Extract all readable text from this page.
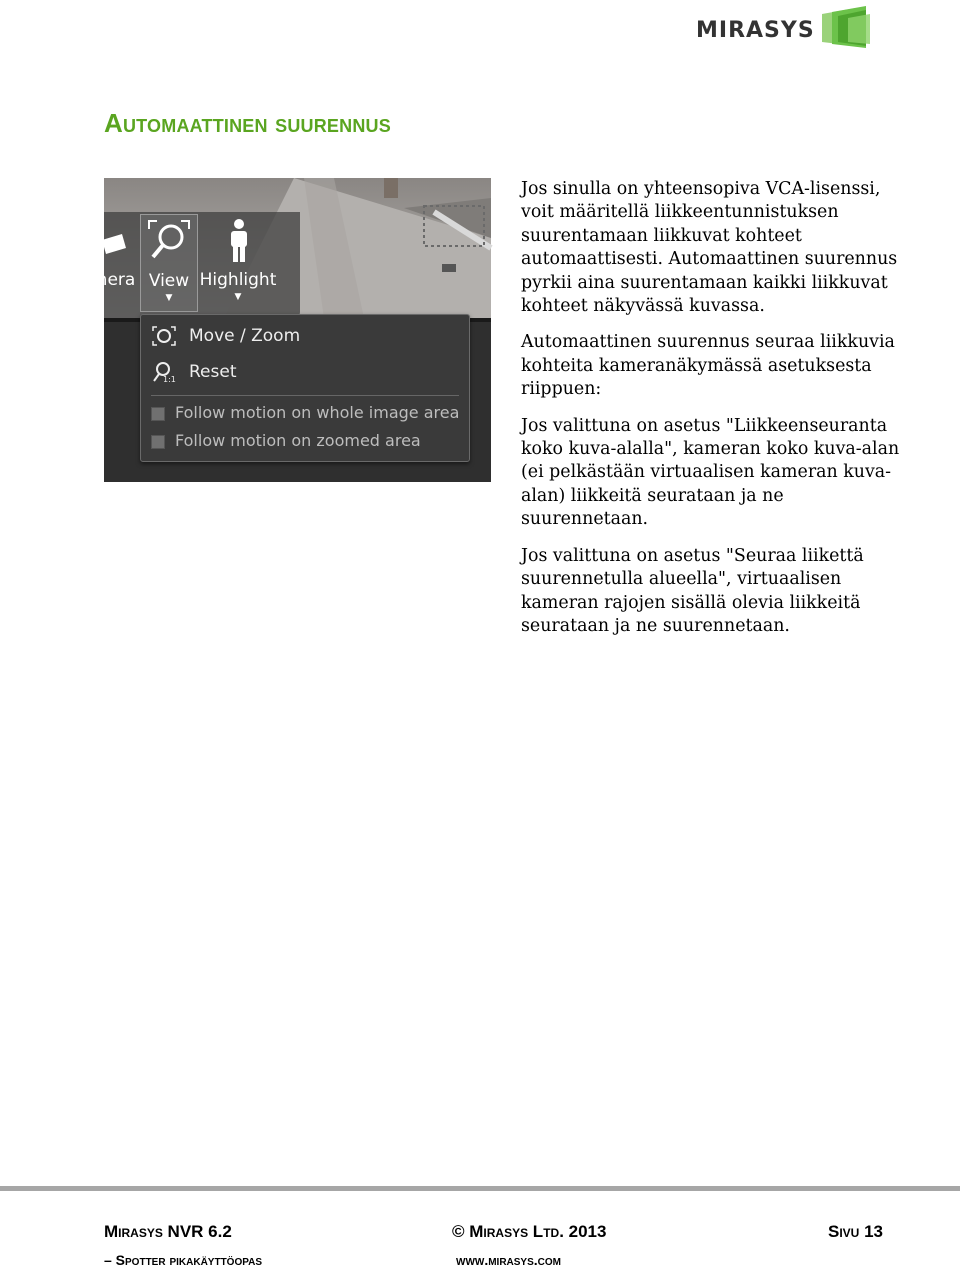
MIRASYS
Automaattinen suurennus
nera View
▼
Highlight
▼
Move / Zoom
1:1 Reset
Follow motion on whole image area
Follow motion on zoomed area

Jos sinulla on yhteensopiva VCA-lisenssi, voit määritellä liikkeentunnistuksen suurentamaan liikkuvat kohteet automaattisesti. Automaattinen suurennus pyrkii aina suurentamaan kaikki liikkuvat kohteet näkyvässä kuvassa.

Automaattinen suurennus seuraa liikkuvia kohteita kameranäkymässä asetuksesta riippuen:

Jos valittuna on asetus "Liikkeenseuranta koko kuva-alalla", kameran koko kuva-alan (ei pelkästään virtuaalisen kameran kuva-alan) liikkeitä seurataan ja ne suurennetaan.

Jos valittuna on asetus "Seuraa liikettä suurennetulla alueella", virtuaalisen kameran rajojen sisällä olevia liikkeitä seurataan ja ne suurennetaan.

Mirasys NVR 6.2	© Mirasys Ltd. 2013	Sivu 13
– Spotter pikakäyttöopas	www.mirasys.com
